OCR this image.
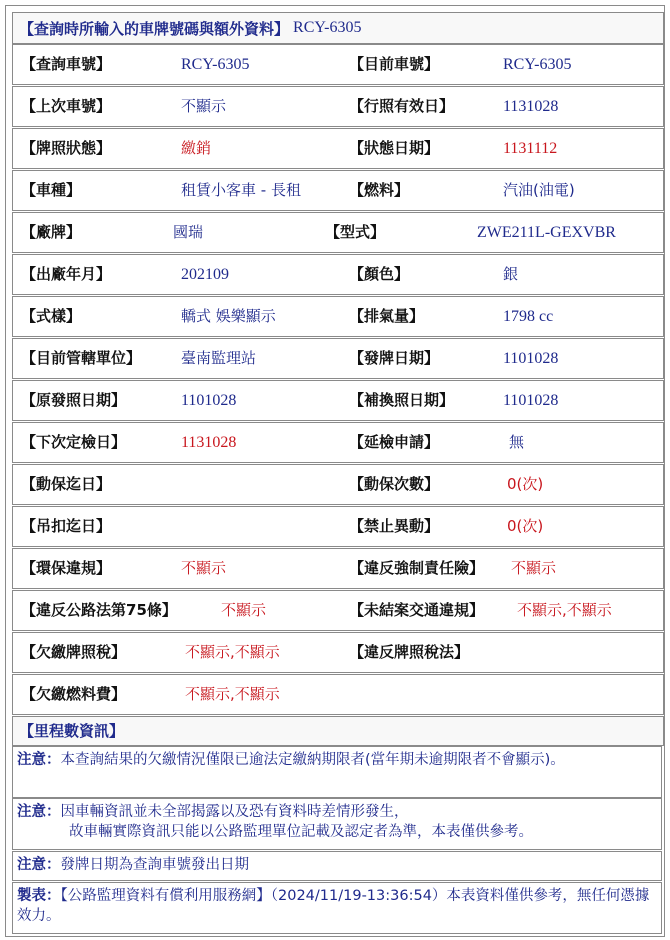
【查詢時所輸入的車牌號碼與額外資料】 RCY-6305
【查詢車號】	RCY-6305	【目前車號】	RCY-6305
【上次車號】	不顯示	【行照有效日】	1131028
【牌照狀態】	繳銷	【狀態日期】	1131112
【車種】	租賃小客車 - 長租	【燃料】	汽油(油電)
【廠牌】	國瑞	【型式】	ZWE211L-GEXVBR
【出廠年月】	202109	【顏色】	銀
【式樣】	轎式 娛樂顯示	【排氣量】	1798 cc
【目前管轄單位】	臺南監理站	【發牌日期】	1101028
【原發照日期】	1101028	【補換照日期】	1101028
【下次定檢日】	1131028	【延檢申請】	無
【動保迄日】	【動保次數】	0(次)
【吊扣迄日】	【禁止異動】	0(次)
【環保違規】	不顯示	【違反強制責任險】 不顯示
【違反公路法第75條】	不顯示	【未結案交通違規】 不顯示,不顯示
【欠繳牌照稅】	不顯示,不顯示	【違反牌照稅法】
【欠繳燃料費】	不顯示,不顯示
【里程數資訊】
注意：本查詢結果的欠繳情況僅限已逾法定繳納期限者(當年期未逾期限者不會顯示)。
注意：因車輛資訊並未全部揭露以及恐有資料時差情形發生，
故車輛實際資訊只能以公路監理單位記載及認定者為準，本表僅供參考。
注意：發牌日期為查詢車號發出日期
製表：【公路監理資料有償利用服務網】（2024/11/19-13:36:54）本表資料僅供參考，無任何憑據效力。
